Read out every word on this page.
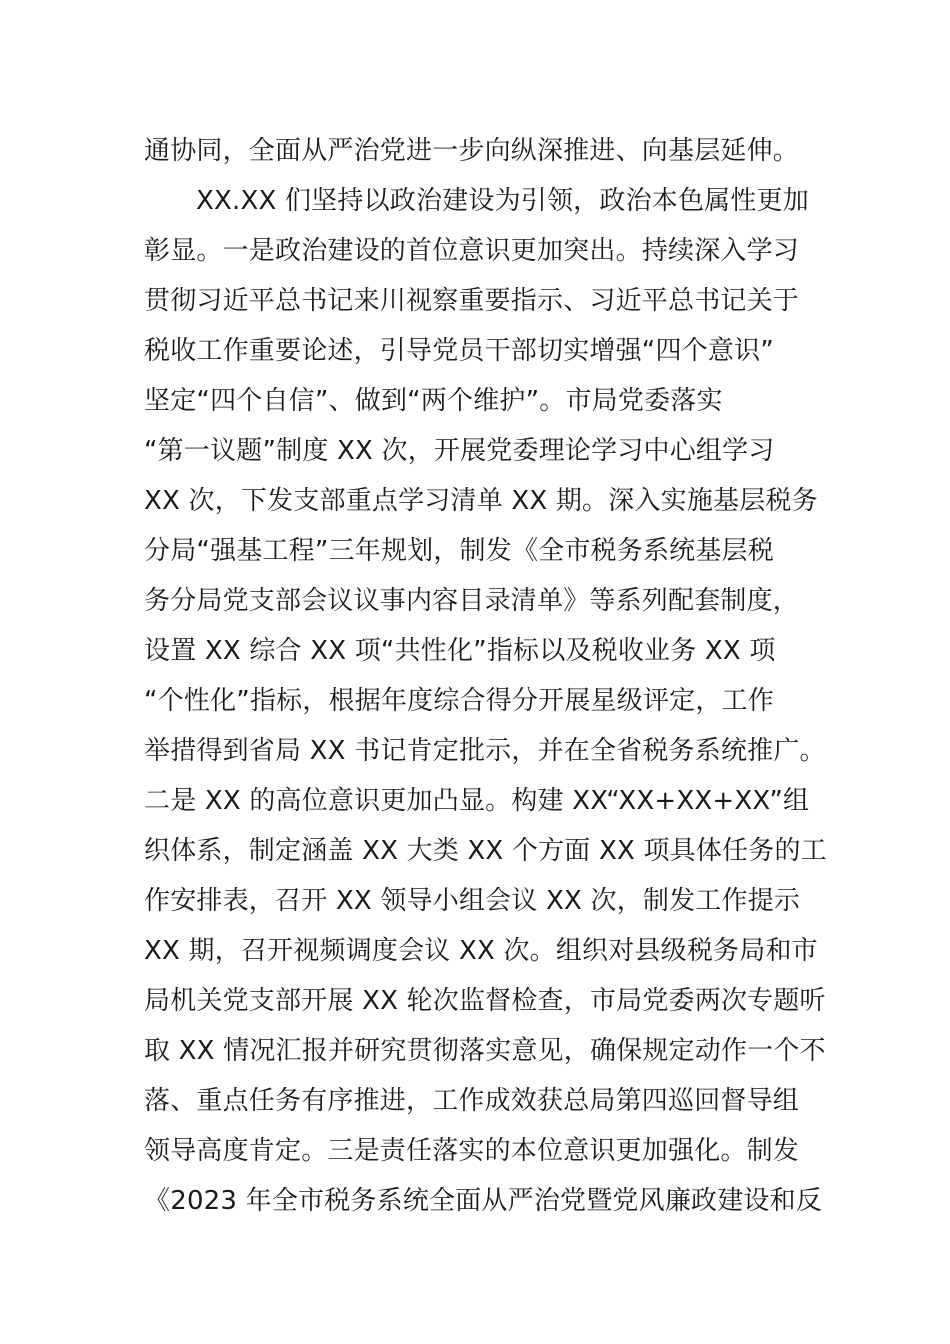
通协同，全面从严治党进一步向纵深推进、向基层延伸。
XX.XX 们坚持以政治建设为引领，政治本色属性更加
彰显。一是政治建设的首位意识更加突出。持续深入学习
贯彻习近平总书记来川视察重要指示、习近平总书记关于
税收工作重要论述，引导党员干部切实增强“四个意识”
坚定“四个自信”、做到“两个维护”。市局党委落实
“第一议题”制度 XX 次，开展党委理论学习中心组学习
XX 次，下发支部重点学习清单 XX 期。深入实施基层税务
分局“强基工程”三年规划，制发《全市税务系统基层税
务分局党支部会议议事内容目录清单》等系列配套制度，
设置 XX 综合 XX 项“共性化”指标以及税收业务 XX 项
“个性化”指标，根据年度综合得分开展星级评定，工作
举措得到省局 XX 书记肯定批示，并在全省税务系统推广。
二是 XX 的高位意识更加凸显。构建 XX“XX+XX+XX”组
织体系，制定涵盖 XX 大类 XX 个方面 XX 项具体任务的工
作安排表，召开 XX 领导小组会议 XX 次，制发工作提示
XX 期，召开视频调度会议 XX 次。组织对县级税务局和市
局机关党支部开展 XX 轮次监督检查，市局党委两次专题听
取 XX 情况汇报并研究贯彻落实意见，确保规定动作一个不
落、重点任务有序推进，工作成效获总局第四巡回督导组
领导高度肯定。三是责任落实的本位意识更加强化。制发
《2023 年全市税务系统全面从严治党暨党风廉政建设和反
